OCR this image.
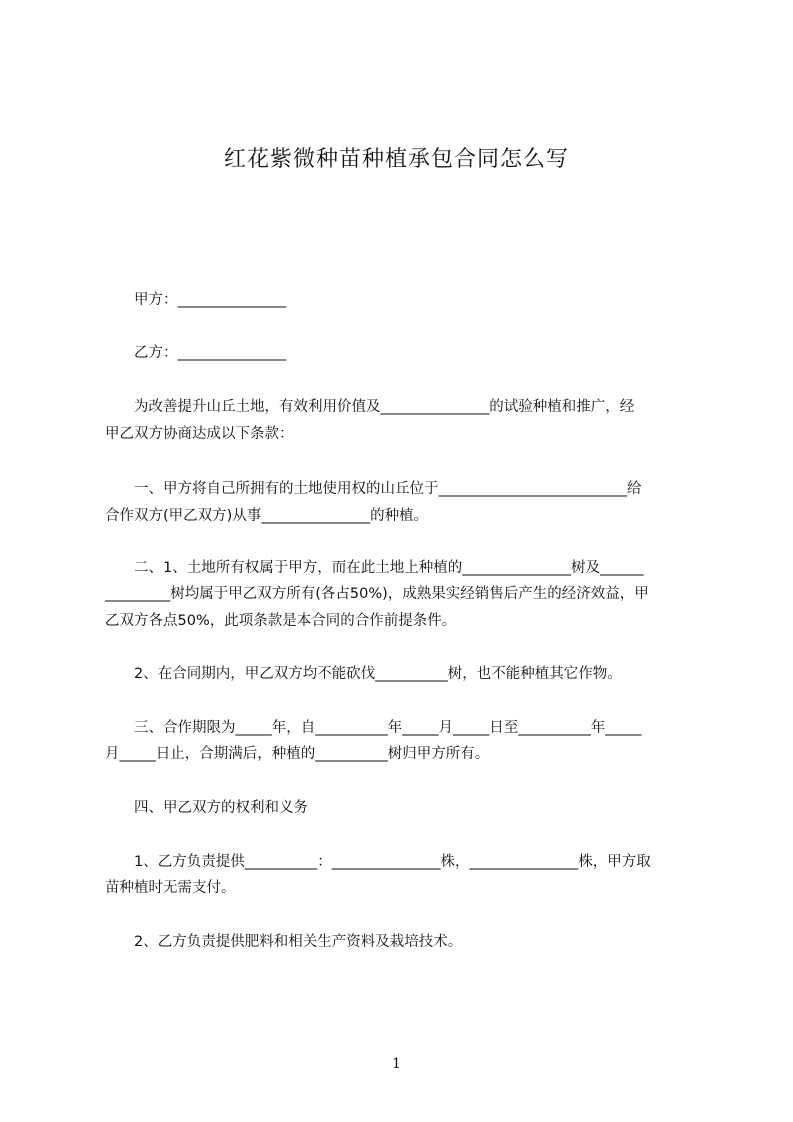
红花紫微种苗种植承包合同怎么写
　　甲方：_______________
　　乙方：_______________
　　为改善提升山丘土地，有效利用价值及_______________的试验种植和推广，经
甲乙双方协商达成以下条款：
　　一、甲方将自己所拥有的土地使用权的山丘位于__________________________给
合作双方(甲乙双方)从事_______________的种植。
　　二、1、土地所有权属于甲方，而在此土地上种植的_______________树及______
_________树均属于甲乙双方所有(各占50%)，成熟果实经销售后产生的经济效益，甲
乙双方各点50%，此项条款是本合同的合作前提条件。
　　2、在合同期内，甲乙双方均不能砍伐__________树，也不能种植其它作物。
　　三、合作期限为_____年，自__________年_____月_____日至__________年_____
月_____日止，合期满后，种植的__________树归甲方所有。
　　四、甲乙双方的权利和义务
　　1、乙方负责提供__________：_______________株，_______________株，甲方取
苗种植时无需支付。
　　2、乙方负责提供肥料和相关生产资料及栽培技术。
1
